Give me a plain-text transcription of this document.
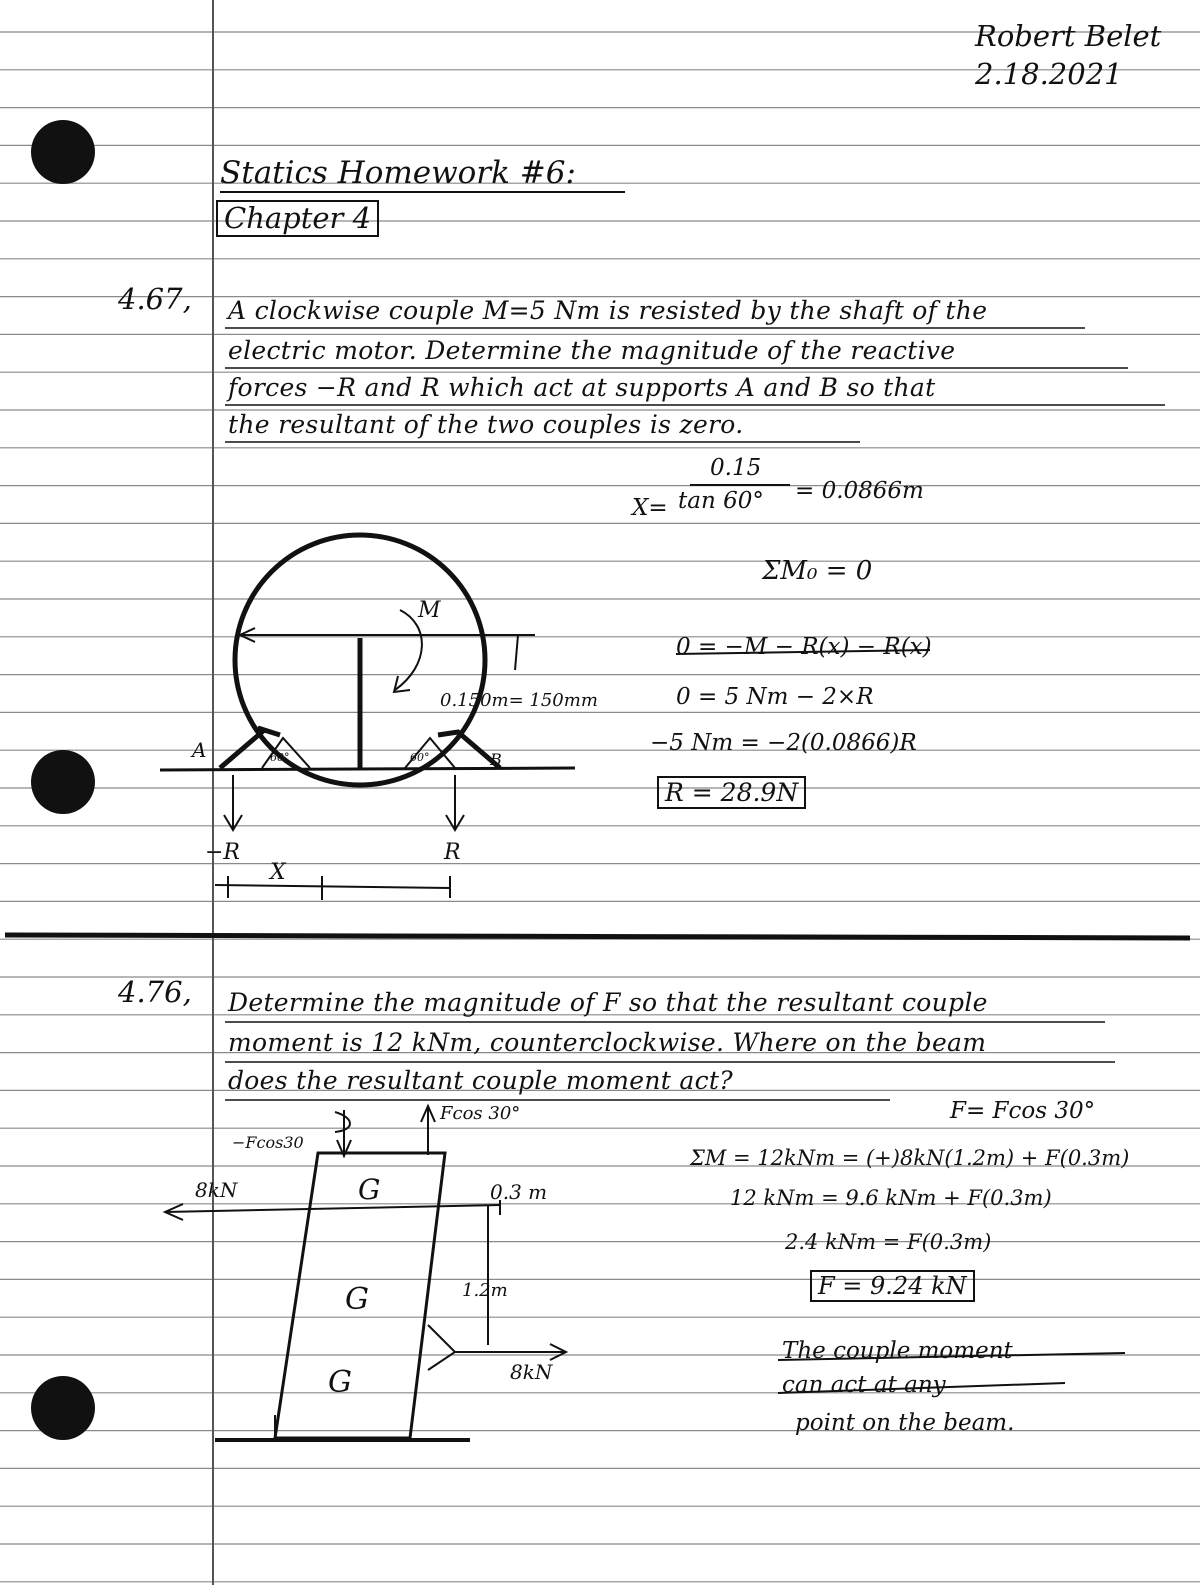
Robert Belet
2.18.2021
Statics Homework #6:
Chapter 4
4.67, A clockwise couple M=5 Nm is resisted by the shaft of the
electric motor. Determine the magnitude of the reactive
forces −R and R which act at supports A and B so that
the resultant of the two couples is zero.
0.15
X= tan 60° = 0.0866m
ΣM₀ = 0
0 = −M − R(x) − R(x)
0 = 5 Nm − 2×R
−5 Nm = −2(0.0866)R
R = 28.9N
M
0.150m= 150mm
A	B
60°	60°
−R	R
X
4.76, Determine the magnitude of F so that the resultant couple
moment is 12 kNm, counterclockwise. Where on the beam
does the resultant couple moment act?
F= Fcos 30°
ΣM = 12kNm = (+)8kN(1.2m) + F(0.3m)
12 kNm = 9.6 kNm + F(0.3m)
2.4 kNm = F(0.3m)
F = 9.24 kN
The couple moment
can act at any
point on the beam.
Fcos 30°
−Fcos30
8kN	0.3 m
1.2m
8kN
G
G
G
